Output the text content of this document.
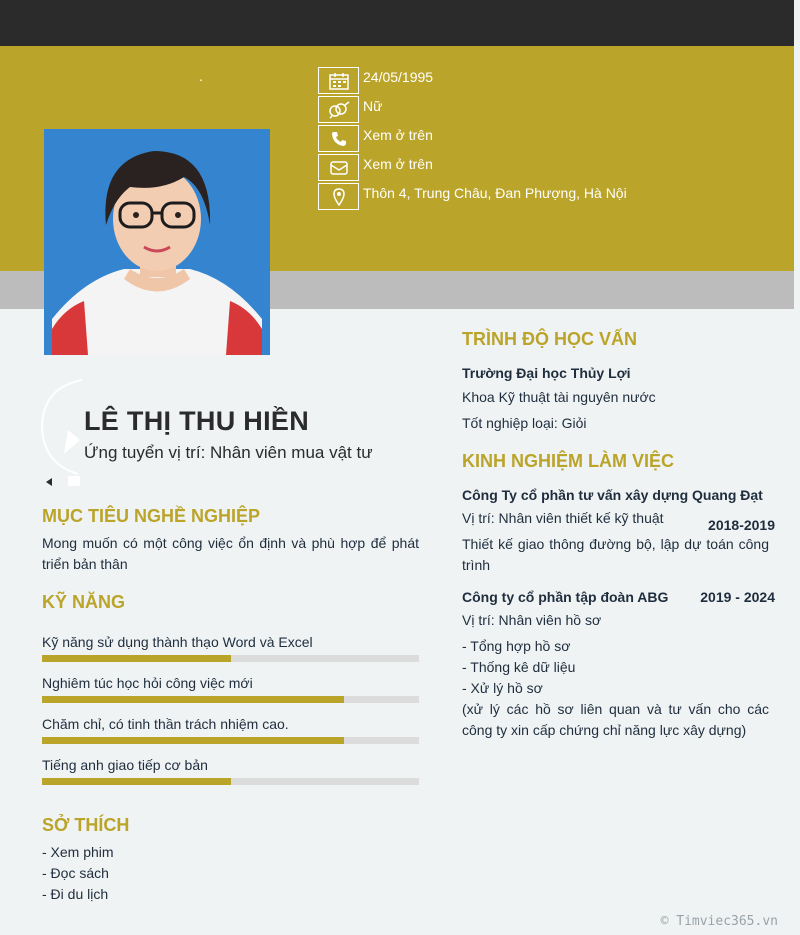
.	24/05/1995
Nữ
Xem ở trên
Xem ở trên
Thôn 4, Trung Châu, Đan Phượng, Hà Nội
LÊ THỊ THU HIỀN
Ứng tuyển vị trí: Nhân viên mua vật tư
MỤC TIÊU NGHỀ NGHIỆP
Mong muốn có một công việc ổn định và phù hợp để phát triển bản thân
KỸ NĂNG
Kỹ năng sử dụng thành thạo Word và Excel
Nghiêm túc học hỏi công việc mới
Chăm chỉ, có tinh thần trách nhiệm cao.
Tiếng anh giao tiếp cơ bản
SỞ THÍCH
- Xem phim
- Đọc sách
- Đi du lịch
TRÌNH ĐỘ HỌC VẤN
Trường Đại học Thủy Lợi
Khoa Kỹ thuật tài nguyên nước
Tốt nghiệp loại: Giỏi
KINH NGHIỆM LÀM VIỆC
Công Ty cổ phần tư vấn xây dựng Quang Đạt
Vị trí: Nhân viên thiết kế kỹ thuật
Thiết kế giao thông đường bộ, lập dự toán công trình
2018-2019
Công ty cổ phần tập đoàn ABG
Vị trí: Nhân viên hồ sơ
- Tổng hợp hồ sơ
- Thống kê dữ liệu
- Xử lý hồ sơ
(xử lý các hồ sơ liên quan và tư vấn cho các công ty xin cấp chứng chỉ năng lực xây dựng)
2019 - 2024
© Timviec365.vn
